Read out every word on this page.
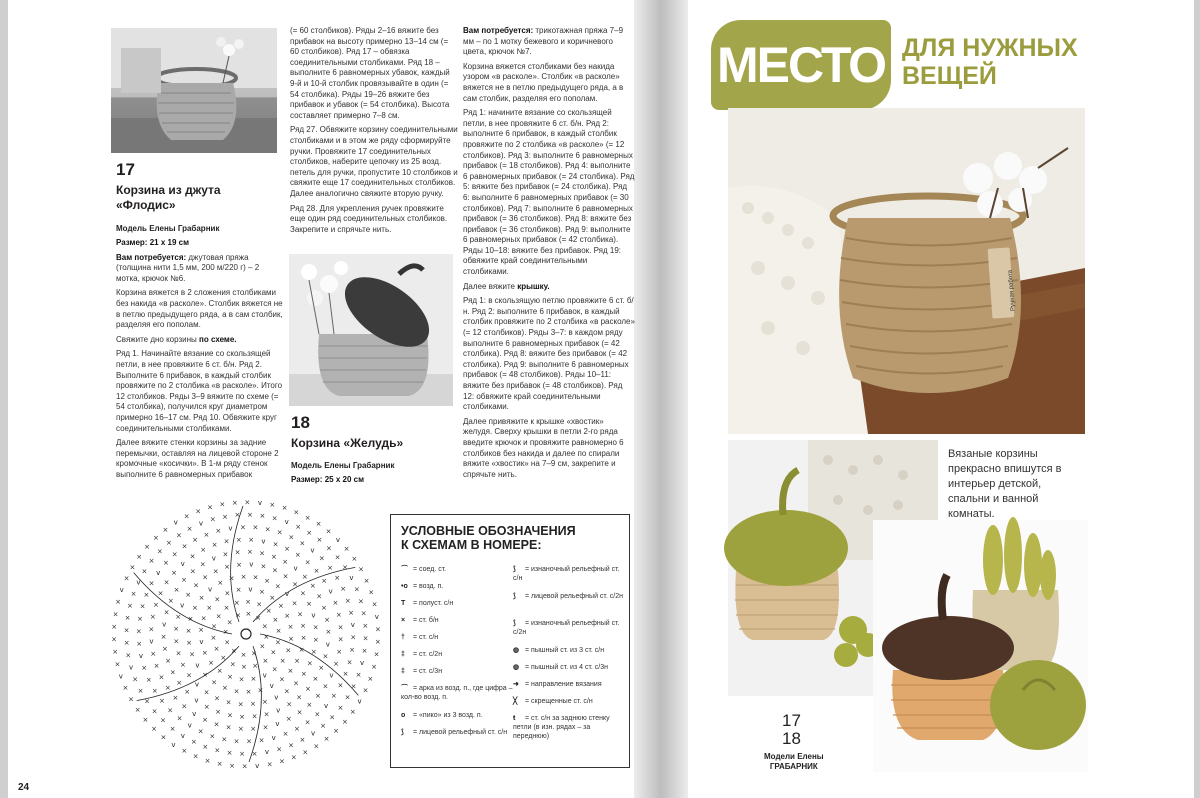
17
Корзина из джута
«Флодис»
Модель Елены Грабарник

Размер: 21 x 19 см

Вам потребуется: джутовая пряжа (толщина нити 1,5 мм, 200 м/220 г) – 2 мотка, крючок №6.

Корзина вяжется в 2 сложения столбиками без накида «в расколе». Столбик вяжется не в петлю предыдущего ряда, а в сам столбик, разделяя его пополам.

Свяжите дно корзины по схеме.

Ряд 1. Начинайте вязание со скользящей петли, в нее провяжите 6 ст. б/н. Ряд 2. Выполните 6 прибавок, в каждый столбик провяжите по 2 столбика «в расколе». Итого 12 столбиков. Ряды 3–9 вяжите по схеме (= 54 столбика), получился круг диаметром примерно 16–17 см. Ряд 10. Обвяжите круг соединительными столбиками.

Далее вяжите стенки корзины за задние перемычки, оставляя на лицевой стороне 2 кромочные «косички». В 1-м ряду стенок выполните 6 равномерных прибавок

(= 60 столбиков). Ряды 2–16 вяжите без прибавок на высоту примерно 13–14 см (= 60 столбиков). Ряд 17 – обвязка соединительными столбиками. Ряд 18 – выполните 6 равномерных убавок, каждый 9-й и 10-й столбик провязывайте в один (= 54 столбика). Ряды 19–26 вяжите без прибавок и убавок (= 54 столбика). Высота составляет примерно 7–8 см.

Ряд 27. Обвяжите корзину соединительными столбиками и в этом же ряду сформируйте ручки. Провяжите 17 соединительных столбиков, наберите цепочку из 25 возд. петель для ручки, пропустите 10 столбиков и свяжите еще 17 соединительных столбиков. Далее аналогично свяжите вторую ручку.

Ряд 28. Для укрепления ручек провяжите еще один ряд соединительных столбиков. Закрепите и спрячьте нить.

18
Корзина «Желудь»
Модель Елены Грабарник

Размер: 25 x 20 см

Вам потребуется: трикотажная пряжа 7–9 мм – по 1 мотку бежевого и коричневого цвета, крючок №7.

Корзина вяжется столбиками без накида узором «в расколе». Столбик «в расколе» вяжется не в петлю предыдущего ряда, а в сам столбик, разделяя его пополам.

Ряд 1: начините вязание со скользящей петли, в нее провяжите 6 ст. б/н. Ряд 2: выполните 6 прибавок, в каждый столбик провяжите по 2 столбика «в расколе» (= 12 столбиков). Ряд 3: выполните 6 равномерных прибавок (= 18 столбиков). Ряд 4: выполните 6 равномерных прибавок (= 24 столбика). Ряд 5: вяжите без прибавок (= 24 столбика). Ряд 6: выполните 6 равномерных прибавок (= 30 столбиков). Ряд 7: выполните 6 равномерных прибавок (= 36 столбиков). Ряд 8: вяжите без прибавок (= 36 столбиков). Ряд 9: выполните 6 равномерных прибавок (= 42 столбика). Ряды 10–18: вяжите без прибавок. Ряд 19: обвяжите край соединительными столбиками.

Далее вяжите крышку.

Ряд 1: в скользящую петлю провяжите 6 ст. б/н. Ряд 2: выполните 6 прибавок, в каждый столбик провяжите по 2 столбика «в расколе» (= 12 столбиков). Ряды 3–7: в каждом ряду выполните 6 равномерных прибавок (= 42 столбика). Ряд 8: вяжите без прибавок (= 42 столбика). Ряд 9: выполните 6 равномерных прибавок (= 48 столбиков). Ряды 10–11: вяжите без прибавок (= 48 столбиков). Ряд 12: обвяжите край соединительными столбиками.

Далее привяжите к крышке «хвостик» желудя. Сверху крышки в петли 2-го ряда введите крючок и провяжите равномерно 6 столбиков без накида и далее по спирали вяжите «хвостик» на 7–9 см, закрепите и спрячьте нить.

×
×
×
×
×
×
×
×
× × ×
×
×
×
×
×
×
×
×
×
×
×
×
×
× × ×
×
×
×
×
×
×
v
×
×
×
×
×
×
v
×
×
×
×
× × v ×
×
×
×
×
×
×
×
×
v
×
×
×
×
×
×
v
×
×
×
×
×
×
v
×
× × × ×
×
v
×
×
×
×
×
×
×
×
v
×
×
×
×
×
×
v
×
×
×
×
×
×
v
×
×
×
×
× × v × ×
×
×
×
×
v
×
×
×
×
×
×
×
v
×
×
×
×
×
×
v
×
×
×
×
×
×
v
×
×
×
×
×
×
v × × × × ×
×
v
×
×
×
×
×
×
v
×
×
×
×
×
×
v
×
×
×
×
×
×
v
×
×
×
×
×
×
v
×
×
×
×
×
×
v
×
×
× × × × v ×
×
×
×
×
×
v
×
×
×
×
×
×
v
×
×
×
×
×
v
×
×
×
×
×
×
v
×
×
×
×
×
×
v
×
×
×
×
×
×
v
×
×
×
×
× × v × × × ×
×
×
v
×
×
×
×
×
×
v
×
×
×
×
×
×
v
×
×
×
×
v
×
×
×
×
×
×
v
×
×
×
×
×
×
v
×
×
×
×
×
×
v
×
×
×
×
×
×
v
× × × × × × v
×
×
×
×
×
×
v
×
×
×
×
×
×
v
×
×
×
×
×
×
v
×
×
×
v
×
×
×
×
×
×
v
×
×
×
×
×
×
v
×
×
×
×
×
×
v
×
×
×
×
×
×
v
×
× × × × × v × ×
×
×
×
×
v
×
×
×
×
×
×
v
×
×
×
×
×
×
v
×
×
×
×
×
×
УСЛОВНЫЕ ОБОЗНАЧЕНИЯ
К СХЕМАМ В НОМЕРЕ:
⌒ = соед. ст.
•o = возд. п.
T = полуст. с/н
× = ст. б/н
† = ст. с/н
‡ = ст. с/2н
‡ = ст. с/3н
⌒ = арка из возд. п., где цифра – кол-во возд. п.
o = «пико» из 3 возд. п.
⟆ = лицевой рельефный ст. с/н
⟆ = изнаночный рельефный ст. с/н
⟆ = лицевой рельефный ст. с/2н
⟆ = изнаночный рельефный ст. с/2н
◍ = пышный ст. из 3 ст. с/н
◍ = пышный ст. из 4 ст. с/3н
➜ = направление вязания
╳ = скрещенные ст. с/н
ŧ = ст. с/н за заднюю стенку петли (в изн. рядах – за переднюю)
24
МЕСТО ДЛЯ НУЖНЫХ
ВЕЩЕЙ
Ручная работа
Вязаные корзины прекрасно впишутся в интерьер детской, спальни и ванной комнаты.
17
18
Модели Елены
ГРАБАРНИК
